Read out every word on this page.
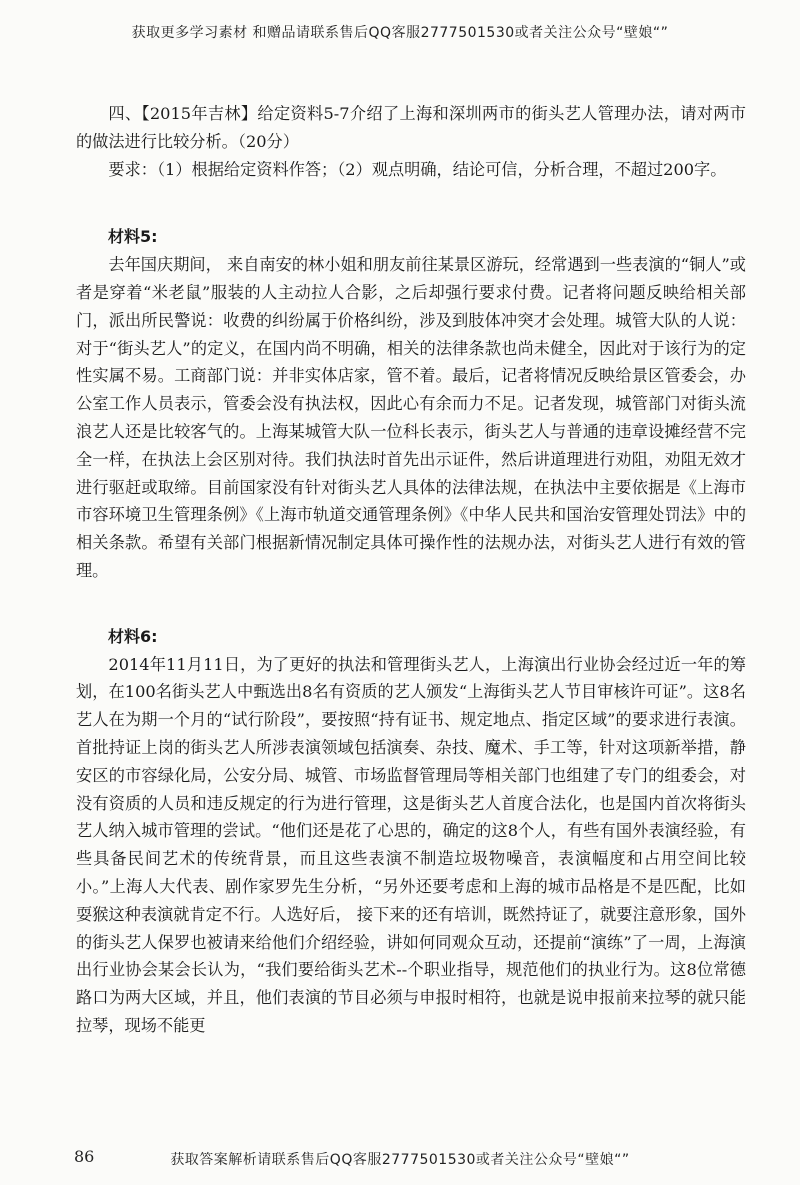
获取更多学习素材 和赠品请联系售后QQ客服2777501530或者关注公众号“壁娘“”

四、【2015年吉林】给定资料5-7介绍了上海和深圳两市的街头艺人管理办法，请对两市的做法进行比较分析。（20分）

要求：（1）根据给定资料作答；（2）观点明确，结论可信，分析合理，不超过200字。

材料5:

去年国庆期间， 来自南安的林小姐和朋友前往某景区游玩，经常遇到一些表演的“铜人”或者是穿着“米老鼠”服装的人主动拉人合影，之后却强行要求付费。记者将问题反映给相关部门，派出所民警说：收费的纠纷属于价格纠纷，涉及到肢体冲突才会处理。城管大队的人说：对于“街头艺人”的定义，在国内尚不明确，相关的法律条款也尚未健全，因此对于该行为的定性实属不易。工商部门说：并非实体店家，管不着。最后，记者将情况反映给景区管委会，办公室工作人员表示，管委会没有执法权，因此心有余而力不足。记者发现，城管部门对街头流浪艺人还是比较客气的。上海某城管大队一位科长表示，街头艺人与普通的违章设摊经营不完全一样，在执法上会区别对待。我们执法时首先出示证件，然后讲道理进行劝阻，劝阻无效才进行驱赶或取缔。目前国家没有针对街头艺人具体的法律法规，在执法中主要依据是《上海市市容环境卫生管理条例》《上海市轨道交通管理条例》《中华人民共和国治安管理处罚法》中的相关条款。希望有关部门根据新情况制定具体可操作性的法规办法，对街头艺人进行有效的管理。

材料6:

2014年11月11日，为了更好的执法和管理街头艺人，上海演出行业协会经过近一年的筹划，在100名街头艺人中甄选出8名有资质的艺人颁发“上海街头艺人节目审核许可证”。这8名艺人在为期一个月的“试行阶段”，要按照“持有证书、规定地点、指定区域”的要求进行表演。首批持证上岗的街头艺人所涉表演领域包括演奏、杂技、魔术、手工等，针对这项新举措，静安区的市容绿化局，公安分局、城管、市场监督管理局等相关部门也组建了专门的组委会，对没有资质的人员和违反规定的行为进行管理，这是街头艺人首度合法化，也是国内首次将街头艺人纳入城市管理的尝试。“他们还是花了心思的，确定的这8个人，有些有国外表演经验，有些具备民间艺术的传统背景，而且这些表演不制造垃圾物噪音，表演幅度和占用空间比较小。”上海人大代表、剧作家罗先生分析，“另外还要考虑和上海的城市品格是不是匹配，比如耍猴这种表演就肯定不行。人选好后， 接下来的还有培训，既然持证了，就要注意形象，国外的街头艺人保罗也被请来给他们介绍经验，讲如何同观众互动，还提前“演练”了一周，上海演出行业协会某会长认为，“我们要给街头艺术--个职业指导，规范他们的执业行为。这8位常德路口为两大区域，并且，他们表演的节目必须与申报时相符，也就是说申报前来拉琴的就只能拉琴，现场不能更

86	获取答案解析请联系售后QQ客服2777501530或者关注公众号“壁娘“”
